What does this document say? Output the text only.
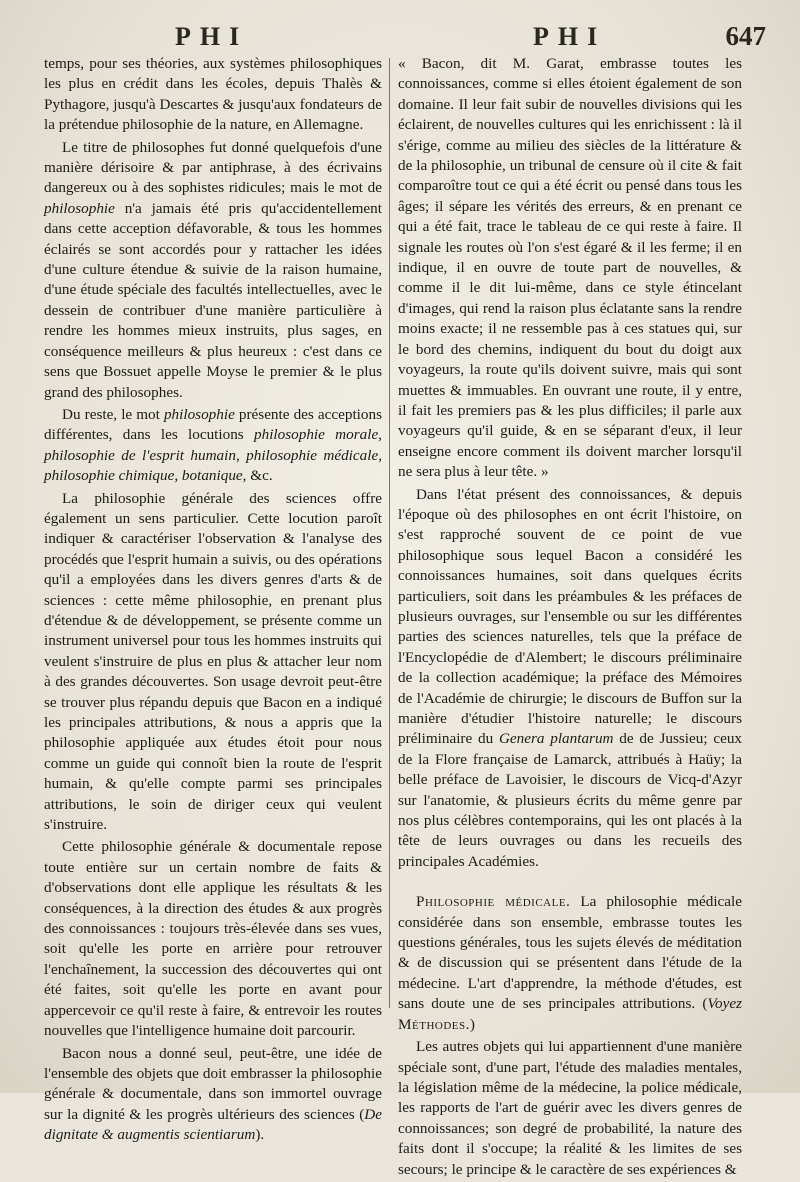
PHI	PHI	647

temps, pour ses théories, aux systèmes philosophiques les plus en crédit dans les écoles, depuis Thalès & Pythagore, jusqu'à Descartes & jusqu'aux fondateurs de la prétendue philosophie de la nature, en Allemagne.

Le titre de philosophes fut donné quelquefois d'une manière dérisoire & par antiphrase, à des écrivains dangereux ou à des sophistes ridicules; mais le mot de philosophie n'a jamais été pris qu'accidentellement dans cette acception défavorable, & tous les hommes éclairés se sont accordés pour y rattacher les idées d'une culture étendue & suivie de la raison humaine, d'une étude spéciale des facultés intellectuelles, avec le dessein de contribuer d'une manière particulière à rendre les hommes mieux instruits, plus sages, en conséquence meilleurs & plus heureux : c'est dans ce sens que Bossuet appelle Moyse le premier & le plus grand des philosophes.

Du reste, le mot philosophie présente des acceptions différentes, dans les locutions philosophie morale, philosophie de l'esprit humain, philosophie médicale, philosophie chimique, botanique, &c.

La philosophie générale des sciences offre également un sens particulier. Cette locution paroît indiquer & caractériser l'observation & l'analyse des procédés que l'esprit humain a suivis, ou des opérations qu'il a employées dans les divers genres d'arts & de sciences : cette même philosophie, en prenant plus d'étendue & de développement, se présente comme un instrument universel pour tous les hommes instruits qui veulent s'instruire de plus en plus & attacher leur nom à des grandes découvertes. Son usage devroit peut-être se trouver plus répandu depuis que Bacon en a indiqué les principales attributions, & nous a appris que la philosophie appliquée aux études étoit pour nous comme un guide qui connoît bien la route de l'esprit humain, & qu'elle compte parmi ses principales attributions, le soin de diriger ceux qui veulent s'instruire.

Cette philosophie générale & documentale repose toute entière sur un certain nombre de faits & d'observations dont elle applique les résultats & les conséquences, à la direction des études & aux progrès des connoissances : toujours très-élevée dans ses vues, soit qu'elle les porte en arrière pour retrouver l'enchaînement, la succession des découvertes qui ont été faites, soit qu'elle les porte en avant pour appercevoir ce qu'il reste à faire, & entrevoir les routes nouvelles que l'intelligence humaine doit parcourir.

Bacon nous a donné seul, peut-être, une idée de l'ensemble des objets que doit embrasser la philosophie générale & documentale, dans son immortel ouvrage sur la dignité & les progrès ultérieurs des sciences (De dignitate & augmentis scientiarum).

« Bacon, dit M. Garat, embrasse toutes les connoissances, comme si elles étoient également de son domaine. Il leur fait subir de nouvelles divisions qui les éclairent, de nouvelles cultures qui les enrichissent : là il s'érige, comme au milieu des siècles de la littérature & de la philosophie, un tribunal de censure où il cite & fait comparoître tout ce qui a été écrit ou pensé dans tous les âges; il sépare les vérités des erreurs, & en prenant ce qui a été fait, trace le tableau de ce qui reste à faire. Il signale les routes où l'on s'est égaré & il les ferme; il en indique, il en ouvre de toute part de nouvelles, & comme il le dit lui-même, dans ce style étincelant d'images, qui rend la raison plus éclatante sans la rendre moins exacte; il ne ressemble pas à ces statues qui, sur le bord des chemins, indiquent du bout du doigt aux voyageurs, la route qu'ils doivent suivre, mais qui sont muettes & immuables. En ouvrant une route, il y entre, il fait les premiers pas & les plus difficiles; il parle aux voyageurs qu'il guide, & en se séparant d'eux, il leur enseigne encore comment ils doivent marcher lorsqu'il ne sera plus à leur tête. »

Dans l'état présent des connoissances, & depuis l'époque où des philosophes en ont écrit l'histoire, on s'est rapproché souvent de ce point de vue philosophique sous lequel Bacon a considéré les connoissances humaines, soit dans quelques écrits particuliers, soit dans les préambules & les préfaces de plusieurs ouvrages, sur l'ensemble ou sur les différentes parties des sciences naturelles, tels que la préface de l'Encyclopédie de d'Alembert; le discours préliminaire de la collection académique; la préface des Mémoires de l'Académie de chirurgie; le discours de Buffon sur la manière d'étudier l'histoire naturelle; le discours préliminaire du Genera plantarum de de Jussieu; ceux de la Flore française de Lamarck, attribués à Haüy; la belle préface de Lavoisier, le discours de Vicq-d'Azyr sur l'anatomie, & plusieurs écrits du même genre par nos plus célèbres contemporains, qui les ont placés à la tête de leurs ouvrages ou dans les recueils des principales Académies.

Philosophie médicale. La philosophie médicale considérée dans son ensemble, embrasse toutes les questions générales, tous les sujets élevés de méditation & de discussion qui se présentent dans l'étude de la médecine. L'art d'apprendre, la méthode d'études, est sans doute une de ses principales attributions. (Voyez Méthodes.)

Les autres objets qui lui appartiennent d'une manière spéciale sont, d'une part, l'étude des maladies mentales, la législation même de la médecine, la police médicale, les rapports de l'art de guérir avec les divers genres de connoissances; son degré de probabilité, la nature des faits dont il s'occupe; la réalité & les limites de ses secours; le principe & le caractère de ses expériences &
